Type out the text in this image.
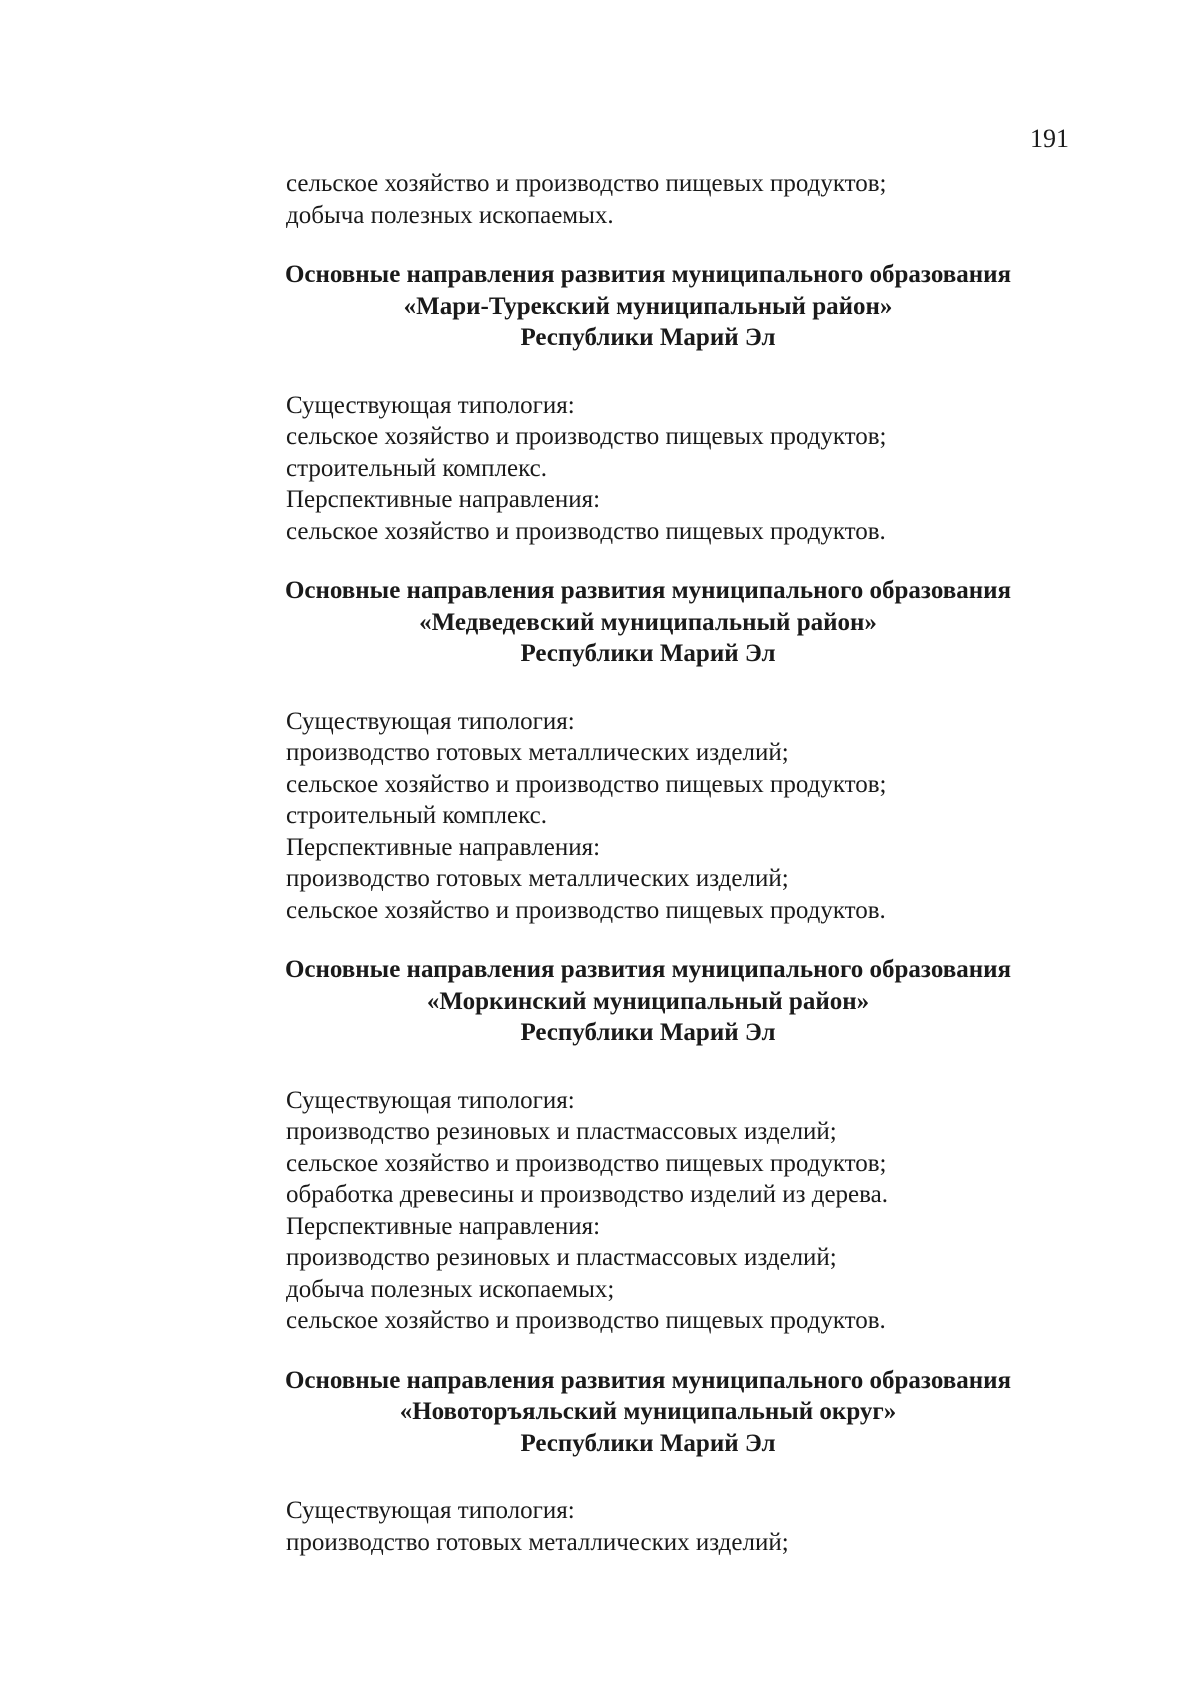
191
сельское хозяйство и производство пищевых продуктов;
добыча полезных ископаемых.
Основные направления развития муниципального образования
«Мари-Турекский муниципальный район»
Республики Марий Эл
Существующая типология:
сельское хозяйство и производство пищевых продуктов;
строительный комплекс.
Перспективные направления:
сельское хозяйство и производство пищевых продуктов.
Основные направления развития муниципального образования
«Медведевский муниципальный район»
Республики Марий Эл
Существующая типология:
производство готовых металлических изделий;
сельское хозяйство и производство пищевых продуктов;
строительный комплекс.
Перспективные направления:
производство готовых металлических изделий;
сельское хозяйство и производство пищевых продуктов.
Основные направления развития муниципального образования
«Моркинский муниципальный район»
Республики Марий Эл
Существующая типология:
производство резиновых и пластмассовых изделий;
сельское хозяйство и производство пищевых продуктов;
обработка древесины и производство изделий из дерева.
Перспективные направления:
производство резиновых и пластмассовых изделий;
добыча полезных ископаемых;
сельское хозяйство и производство пищевых продуктов.
Основные направления развития муниципального образования
«Новоторъяльский муниципальный округ»
Республики Марий Эл
Существующая типология:
производство готовых металлических изделий;
